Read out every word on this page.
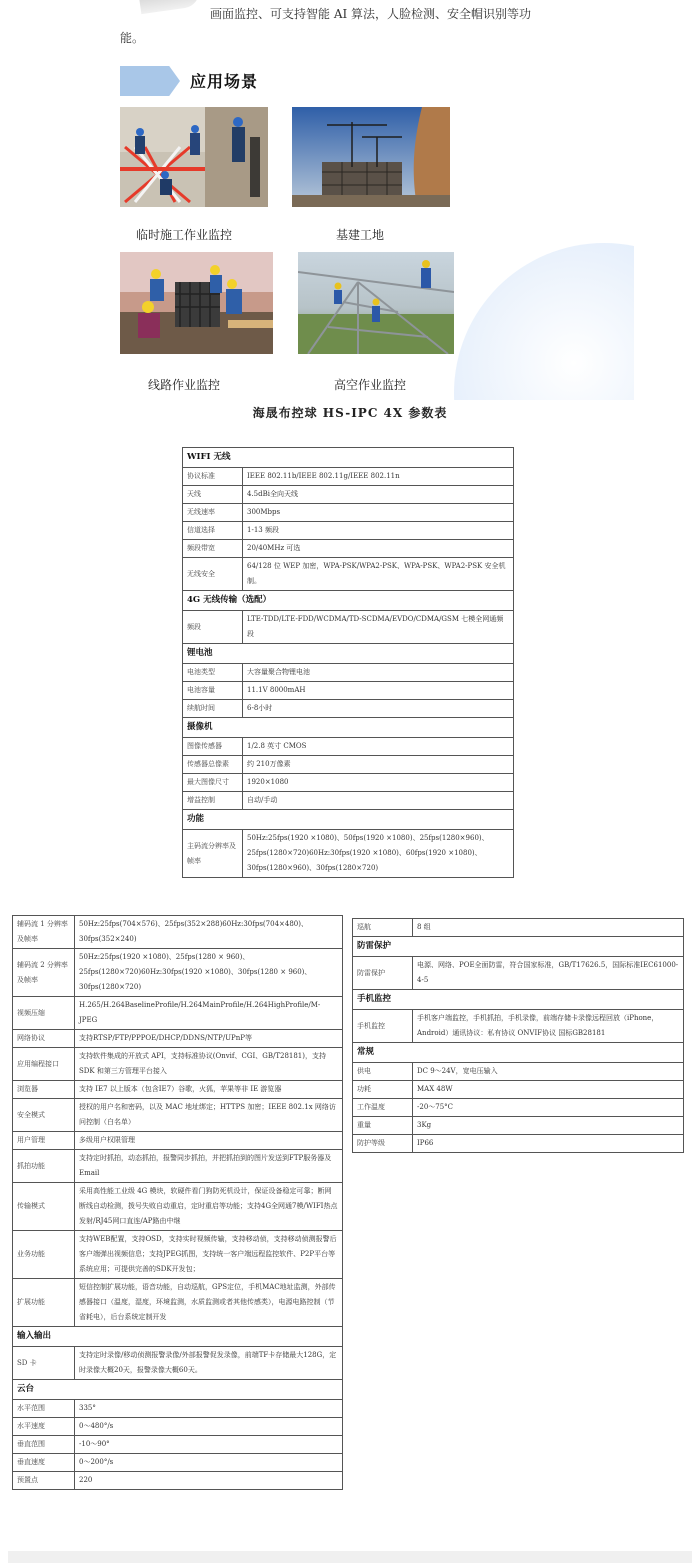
画面监控、可支持智能 AI 算法，人脸检测、安全帽识别等功
能。
应用场景
临时施工作业监控	基建工地
线路作业监控	高空作业监控
海晟布控球 HS-IPC 4X 参数表
WIFI 无线	
协议标准	IEEE 802.11b/IEEE 802.11g/IEEE 802.11n
天线	4.5dBi全向天线
无线速率	300Mbps
信道选择	1-13 频段
频段带宽	20/40MHz 可选
无线安全	64/128 位 WEP 加密，WPA-PSK/WPA2-PSK、WPA-PSK、WPA2-PSK 安全机制。
4G 无线传输（选配）	
频段	LTE-TDD/LTE-FDD/WCDMA/TD-SCDMA/EVDO/CDMA/GSM 七模全网通频段
锂电池	
电池类型	大容量聚合物锂电池
电池容量	11.1V 8000mAH
续航时间	6-8小时
摄像机	
图像传感器	1/2.8 英寸 CMOS
传感器总像素	约 210万像素
最大图像尺寸	1920×1080
增益控制	自动/手动
功能	
主码流分辨率及帧率	50Hz:25fps(1920 ×1080)、50fps(1920 ×1080)、25fps(1280×960)、25fps(1280×720)60Hz:30fps(1920 ×1080)、60fps(1920 ×1080)、30fps(1280×960)、30fps(1280×720)
辅码流 1 分辨率及帧率	50Hz:25fps(704×576)、25fps(352×288)60Hz:30fps(704×480)、30fps(352×240)
辅码流 2 分辨率及帧率	50Hz:25fps(1920 ×1080)、25fps(1280 × 960)、25fps(1280×720)60Hz:30fps(1920 ×1080)、30fps(1280 × 960)、30fps(1280×720)
视频压缩	H.265/H.264BaselineProfile/H.264MainProfile/H.264HighProfile/M-JPEG
网络协议	支持RTSP/FTP/PPPOE/DHCP/DDNS/NTP/UPnP等
应用编程接口	支持软件集成的开放式 API，支持标准协议(Onvif、CGI、GB/T28181)，支持 SDK 和第三方管理平台接入
浏览器	支持 IE7 以上版本（包含IE7）谷歌，火狐，苹果等非 IE 游览器
安全模式	授权的用户名和密码，以及 MAC 地址绑定；HTTPS 加密；IEEE 802.1x 网络访问控制（白名单）
用户管理	多级用户权限管理
抓拍功能	支持定时抓拍，动态抓拍，报警同步抓拍，并把抓拍到的图片发送到FTP服务器及Email
传输模式	采用高性能工业级 4G 模块，软硬件看门狗防死机设计，保证设备稳定可靠；断网断线自动检测，拨号失败自动重启，定时重启等功能；支持4G全网通7模/WIFI热点发射/RJ45网口直连/AP路由中继
业务功能	支持WEB配置，支持OSD，支持实时视频传输，支持移动侦，支持移动侦测报警后客户端弹出视频信息；支持JPEG抓图，支持统一客户端远程监控软件、P2P平台等系统应用；可提供完善的SDK开发包；
扩展功能	短信控制扩展功能，语音功能，自动巡航，GPS定位，手机MAC地址监测，外部传感器接口（温度，湿度，环境监测，水质监测或者其他传感类），电源电路控制（节省耗电），后台系统定制开发
输入输出	
SD 卡	支持定时录像/移动侦测报警录像/外部报警促发录像，前端TF卡存储最大128G，定时录像大概20天，报警录像大概60天。
云台	
水平范围	335°
水平速度	0～480°/s
垂直范围	-10～90°
垂直速度	0～200°/s
预置点	220
巡航	8 组
防雷保护	
防雷保护	电源、网络、POE全面防雷，符合国家标准，GB/T17626.5，国际标准IEC61000-4-5
手机监控	
手机监控	手机客户端监控，手机抓拍，手机录像，前端存储卡录像远程回放（iPhone，Android）通讯协议：私有协议 ONVIF协议 国标GB28181
常规	
供电	DC 9～24V，宽电压输入
功耗	MAX 48W
工作温度	-20～75°C
重量	3Kg
防护等级	IP66
